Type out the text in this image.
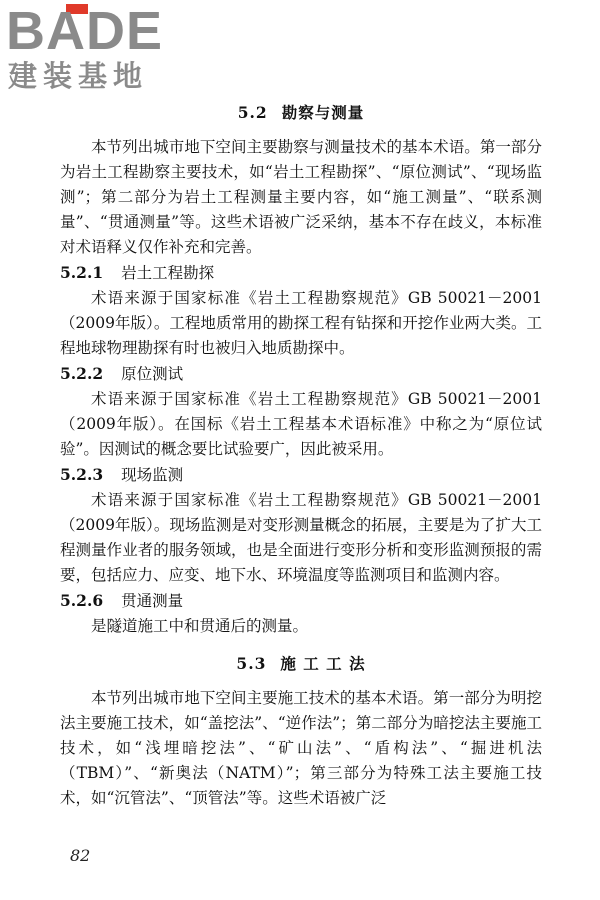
BADE
建装基地
5.2 勘察与测量

本节列出城市地下空间主要勘察与测量技术的基本术语。第一部分为岩土工程勘察主要技术，如“岩土工程勘探”、“原位测试”、“现场监测”；第二部分为岩土工程测量主要内容，如“施工测量”、“联系测量”、“贯通测量”等。这些术语被广泛采纳，基本不存在歧义，本标准对术语释义仅作补充和完善。

5.2.1 岩土工程勘探

术语来源于国家标准《岩土工程勘察规范》GB 50021－2001（2009年版）。工程地质常用的勘探工程有钻探和开挖作业两大类。工程地球物理勘探有时也被归入地质勘探中。

5.2.2 原位测试

术语来源于国家标准《岩土工程勘察规范》GB 50021－2001（2009年版）。在国标《岩土工程基本术语标准》中称之为“原位试验”。因测试的概念要比试验要广，因此被采用。

5.2.3 现场监测

术语来源于国家标准《岩土工程勘察规范》GB 50021－2001（2009年版）。现场监测是对变形测量概念的拓展，主要是为了扩大工程测量作业者的服务领域，也是全面进行变形分析和变形监测预报的需要，包括应力、应变、地下水、环境温度等监测项目和监测内容。

5.2.6 贯通测量

是隧道施工中和贯通后的测量。

5.3 施 工 工 法

本节列出城市地下空间主要施工技术的基本术语。第一部分为明挖法主要施工技术，如“盖挖法”、“逆作法”；第二部分为暗挖法主要施工技术，如“浅埋暗挖法”、“矿山法”、“盾构法”、“掘进机法（TBM）”、“新奥法（NATM）”；第三部分为特殊工法主要施工技术，如“沉管法”、“顶管法”等。这些术语被广泛

82
